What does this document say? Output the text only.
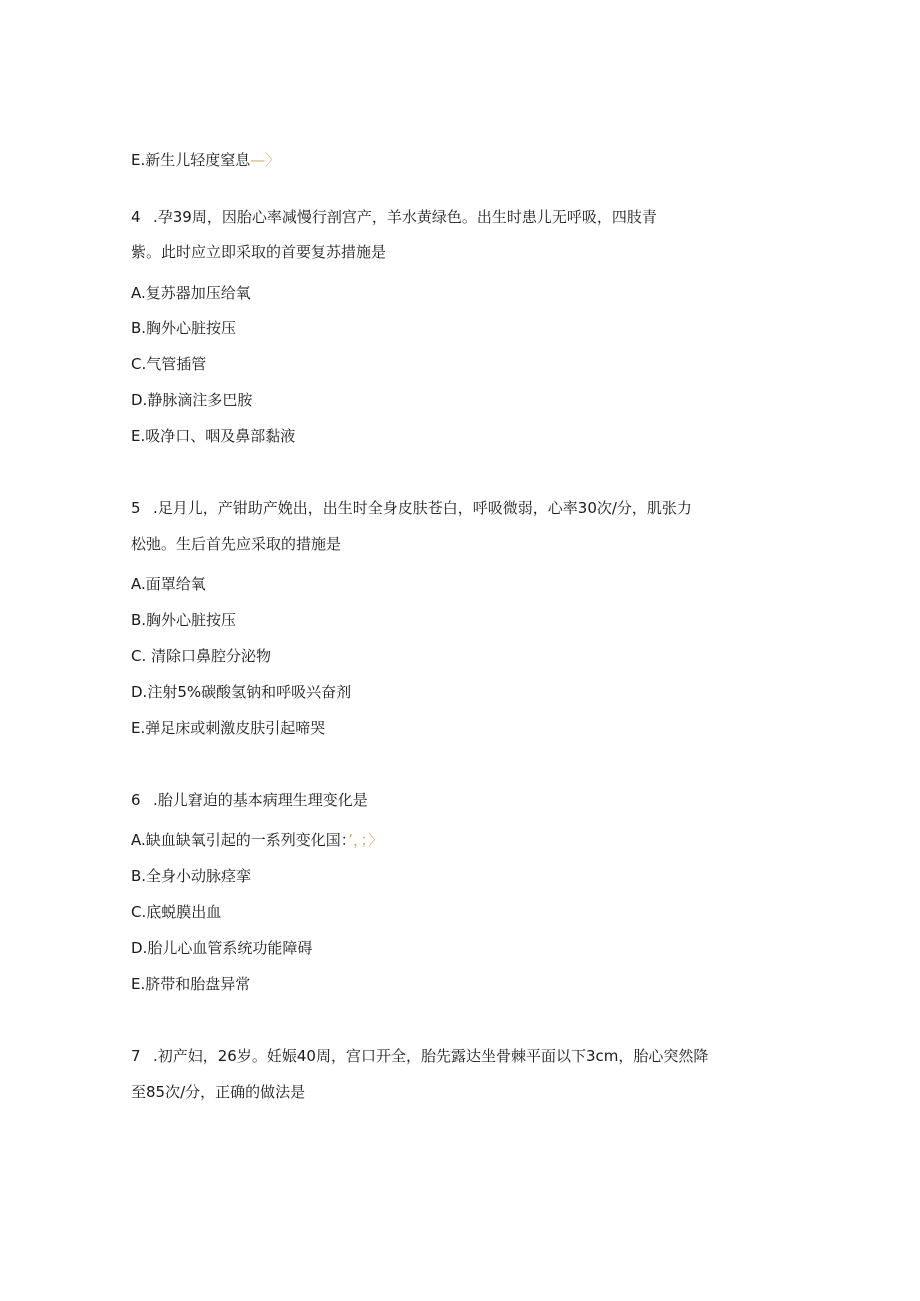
E.新生儿轻度窒息—〉
4 .孕39周，因胎心率减慢行剖宫产，羊水黄绿色。出生时患儿无呼吸，四肢青
紫。此时应立即采取的首要复苏措施是
A.复苏器加压给氧
B.胸外心脏按压
C.气管插管
D.静脉滴注多巴胺
E.吸净口、咽及鼻部黏液
5 .足月儿，产钳助产娩出，出生时全身皮肤苍白，呼吸微弱，心率30次/分，肌张力
松弛。生后首先应采取的措施是
A.面罩给氧
B.胸外心脏按压
C. 清除口鼻腔分泌物
D.注射5%碳酸氢钠和呼吸兴奋剂
E.弹足床或刺激皮肤引起啼哭
6 .胎儿窘迫的基本病理生理变化是
A.缺血缺氧引起的一系列变化国：’，；〉
B.全身小动脉痉挛
C.底蜕膜出血
D.胎儿心血管系统功能障碍
E.脐带和胎盘异常
7 .初产妇，26岁。妊娠40周，宫口开全，胎先露达坐骨棘平面以下3cm，胎心突然降
至85次/分，正确的做法是
